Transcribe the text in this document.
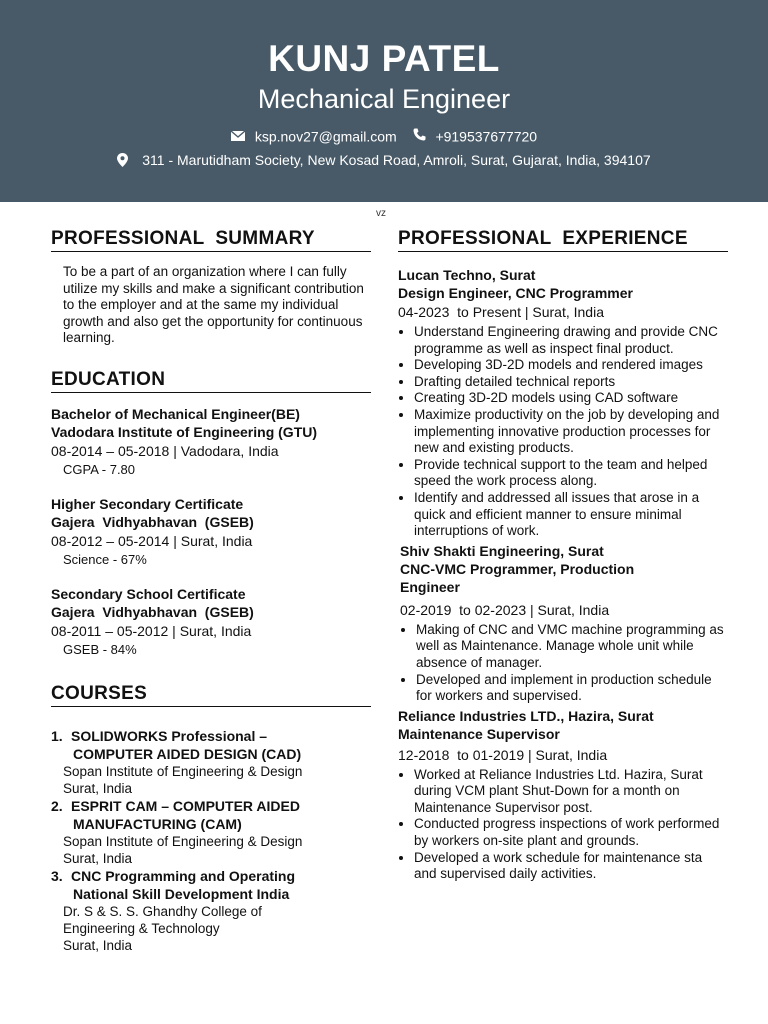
KUNJ PATEL
Mechanical Engineer
ksp.nov27@gmail.com	+919537677720
311 - Marutidham Society, New Kosad Road, Amroli, Surat, Gujarat, India, 394107
vz
PROFESSIONAL  SUMMARY
To be a part of an organization where I can fully utilize my skills and make a significant contribution to the employer and at the same my individual growth and also get the opportunity for continuous learning.
EDUCATION
Bachelor of Mechanical Engineer(BE)
Vadodara Institute of Engineering (GTU)
08-2014 – 05-2018 | Vadodara, India
CGPA - 7.80
Higher Secondary Certificate
Gajera  Vidhyabhavan  (GSEB)
08-2012 – 05-2014 | Surat, India
Science - 67%
Secondary School Certificate
Gajera  Vidhyabhavan  (GSEB)
08-2011 – 05-2012 | Surat, India
GSEB - 84%
COURSES
1. SOLIDWORKS Professional –
COMPUTER AIDED DESIGN (CAD)
Sopan Institute of Engineering & Design
Surat, India
2. ESPRIT CAM – COMPUTER AIDED
MANUFACTURING (CAM)
Sopan Institute of Engineering & Design
Surat, India
3. CNC Programming and Operating
National Skill Development India
Dr. S & S. S. Ghandhy College of
Engineering & Technology
Surat, India
PROFESSIONAL  EXPERIENCE
Lucan Techno, Surat
Design Engineer, CNC Programmer
04-2023  to Present | Surat, India
• Understand Engineering drawing and provide CNC programme as well as inspect final product.
• Developing 3D-2D models and rendered images
• Drafting detailed technical reports
• Creating 3D-2D models using CAD software
• Maximize productivity on the job by developing and implementing innovative production processes for new and existing products.
• Provide technical support to the team and helped speed the work process along.
• Identify and addressed all issues that arose in a quick and efficient manner to ensure minimal interruptions of work.
Shiv Shakti Engineering, Surat
CNC-VMC Programmer, Production Engineer
02-2019  to 02-2023 | Surat, India
• Making of CNC and VMC machine programming as well as Maintenance. Manage whole unit while absence of manager.
• Developed and implement in production schedule for workers and supervised.
Reliance Industries LTD., Hazira, Surat
Maintenance Supervisor
12-2018  to 01-2019 | Surat, India
• Worked at Reliance Industries Ltd. Hazira, Surat during VCM plant Shut-Down for a month on Maintenance Supervisor post.
• Conducted progress inspections of work performed by workers on-site plant and grounds.
• Developed a work schedule for maintenance sta   and supervised daily activities.
